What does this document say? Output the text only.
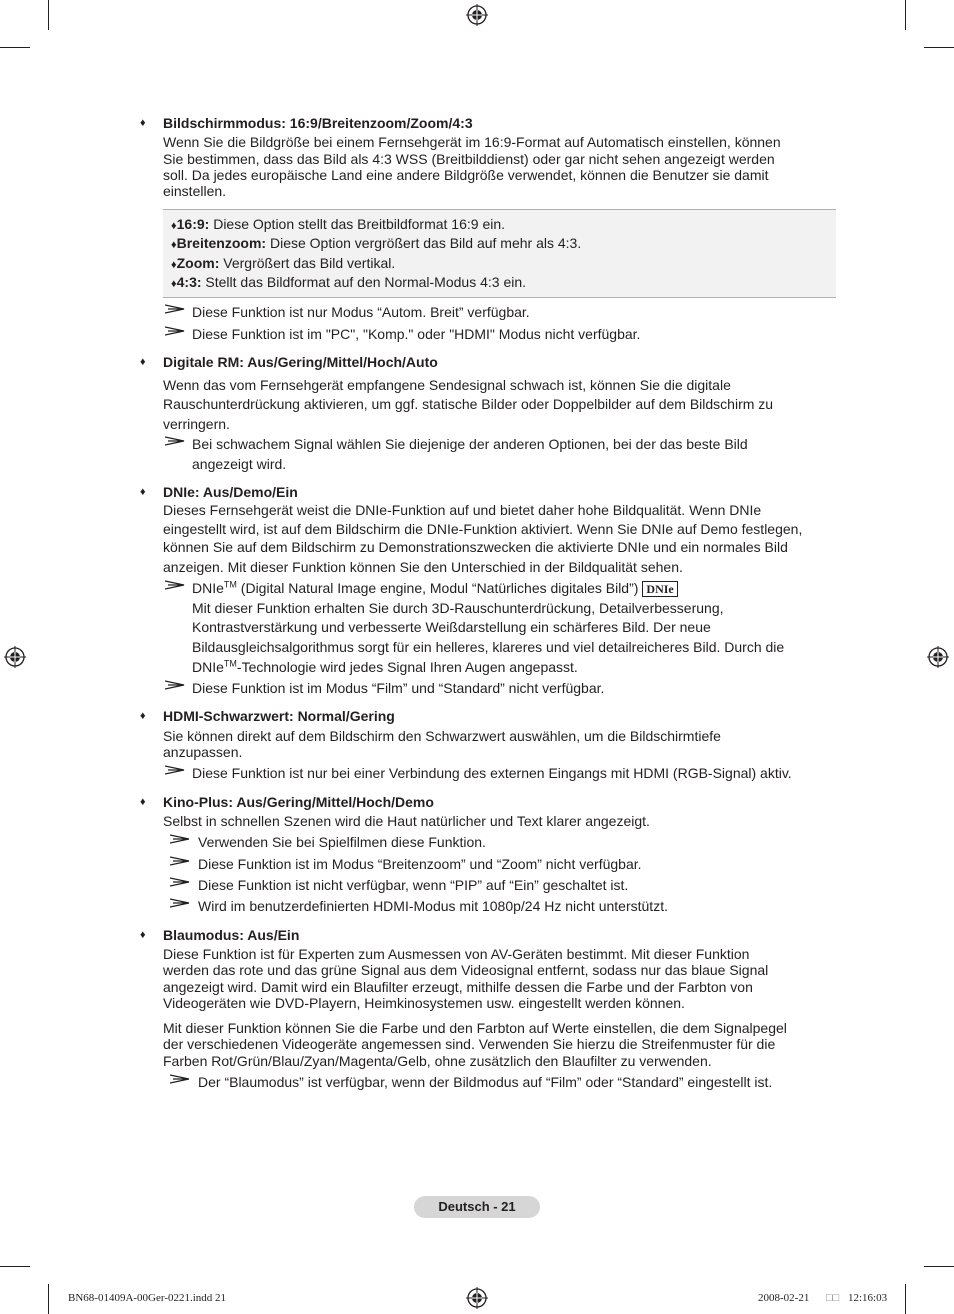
♦ Bildschirmmodus: 16:9/Breitenzoom/Zoom/4:3
Wenn Sie die Bildgröße bei einem Fernsehgerät im 16:9-Format auf Automatisch einstellen, können
Sie bestimmen, dass das Bild als 4:3 WSS (Breitbilddienst) oder gar nicht sehen angezeigt werden
soll. Da jedes europäische Land eine andere Bildgröße verwendet, können die Benutzer sie damit
einstellen.
♦16:9: Diese Option stellt das Breitbildformat 16:9 ein.
♦Breitenzoom: Diese Option vergrößert das Bild auf mehr als 4:3.
♦Zoom: Vergrößert das Bild vertikal.
♦4:3: Stellt das Bildformat auf den Normal-Modus 4:3 ein.
Diese Funktion ist nur Modus “Autom. Breit” verfügbar.
Diese Funktion ist im "PC", "Komp." oder "HDMI" Modus nicht verfügbar.
♦ Digitale RM: Aus/Gering/Mittel/Hoch/Auto
Wenn das vom Fernsehgerät empfangene Sendesignal schwach ist, können Sie die digitale
Rauschunterdrückung aktivieren, um ggf. statische Bilder oder Doppelbilder auf dem Bildschirm zu
verringern.
Bei schwachem Signal wählen Sie diejenige der anderen Optionen, bei der das beste Bild
angezeigt wird.
♦ DNIe: Aus/Demo/Ein
Dieses Fernsehgerät weist die DNIe-Funktion auf und bietet daher hohe Bildqualität. Wenn DNIe
eingestellt wird, ist auf dem Bildschirm die DNIe-Funktion aktiviert. Wenn Sie DNIe auf Demo festlegen,
können Sie auf dem Bildschirm zu Demonstrationszwecken die aktivierte DNIe und ein normales Bild
anzeigen. Mit dieser Funktion können Sie den Unterschied in der Bildqualität sehen.
DNIe™ (Digital Natural Image engine, Modul “Natürliches digitales Bild”) DNIe
Mit dieser Funktion erhalten Sie durch 3D-Rauschunterdrückung, Detailverbesserung,
Kontrastverstärkung und verbesserte Weißdarstellung ein schärferes Bild. Der neue
Bildausgleichsalgorithmus sorgt für ein helleres, klareres und viel detailreicheres Bild. Durch die
DNIe™-Technologie wird jedes Signal Ihren Augen angepasst.
Diese Funktion ist im Modus “Film” und “Standard” nicht verfügbar.
♦ HDMI-Schwarzwert: Normal/Gering
Sie können direkt auf dem Bildschirm den Schwarzwert auswählen, um die Bildschirmtiefe
anzupassen.
Diese Funktion ist nur bei einer Verbindung des externen Eingangs mit HDMI (RGB-Signal) aktiv.
♦ Kino-Plus: Aus/Gering/Mittel/Hoch/Demo
Selbst in schnellen Szenen wird die Haut natürlicher und Text klarer angezeigt.
Verwenden Sie bei Spielfilmen diese Funktion.
Diese Funktion ist im Modus “Breitenzoom” und “Zoom” nicht verfügbar.
Diese Funktion ist nicht verfügbar, wenn “PIP” auf “Ein” geschaltet ist.
Wird im benutzerdefinierten HDMI-Modus mit 1080p/24 Hz nicht unterstützt.
♦ Blaumodus: Aus/Ein
Diese Funktion ist für Experten zum Ausmessen von AV-Geräten bestimmt. Mit dieser Funktion
werden das rote und das grüne Signal aus dem Videosignal entfernt, sodass nur das blaue Signal
angezeigt wird. Damit wird ein Blaufilter erzeugt, mithilfe dessen die Farbe und der Farbton von
Videogeräten wie DVD-Playern, Heimkinosystemen usw. eingestellt werden können.
Mit dieser Funktion können Sie die Farbe und den Farbton auf Werte einstellen, die dem Signalpegel
der verschiedenen Videogeräte angemessen sind. Verwenden Sie hierzu die Streifenmuster für die
Farben Rot/Grün/Blau/Zyan/Magenta/Gelb, ohne zusätzlich den Blaufilter zu verwenden.
Der “Blaumodus” ist verfügbar, wenn der Bildmodus auf “Film” oder “Standard” eingestellt ist.
Deutsch - 21
BN68-01409A-00Ger-0221.indd 21	2008-02-21 □□ 12:16:03
